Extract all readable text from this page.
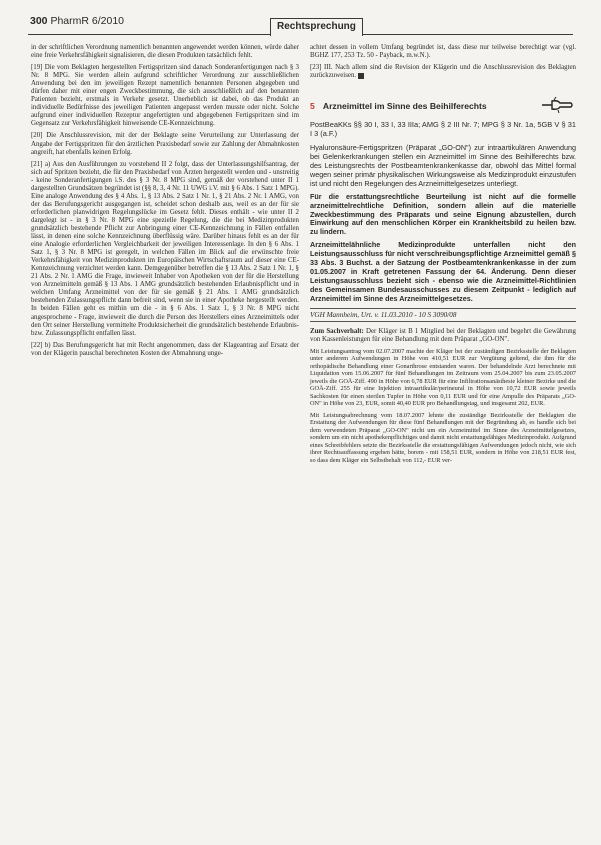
300 PharmR 6/2010	Rechtsprechung

in der schriftlichen Verordnung namentlich benannten angewendet werden können, würde daher eine freie Verkehrsfähigkeit signalisieren, die diesen Produkten tatsächlich fehlt.

[19] Die vom Beklagten hergestellten Fertigspritzen sind danach Sonderanfertigungen nach § 3 Nr. 8 MPG. Sie werden allein aufgrund schriftlicher Verordnung zur ausschließlichen Anwendung bei den im jeweiligen Rezept namentlich benannten Personen abgegeben und dürfen daher mit einer engen Zweckbestimmung, die sich ausschließlich auf den benannten Patienten bezieht, erstmals in Verkehr gesetzt. Unerheblich ist dabei, ob das Produkt an individuelle Bedürfnisse des jeweiligen Patienten angepasst werden musste oder nicht. Solche aufgrund einer individuellen Rezeptur angefertigten und abgegebenen Fertigspritzen sind im Gegensatz zur Verkehrsfähigkeit hinweisende CE-Kennzeichnung.

[20] Die Anschlussrevision, mit der der Beklagte seine Verurteilung zur Unterlassung der Angabe der Fertigspritzen für den ärztlichen Praxisbedarf sowie zur Zahlung der Abmahnkosten angreift, hat ebenfalls keinen Erfolg.

[21] a) Aus den Ausführungen zu vorstehend II 2 folgt, dass der Unterlassungshilfsantrag, der sich auf Spritzen bezieht, die für den Praxisbedarf von Ärzten hergestellt werden und - unstreitig - keine Sonderanfertigungen i.S. des § 3 Nr. 8 MPG sind, gemäß der vorstehend unter II 1 dargestellten Grundsätzen begründet ist (§§ 8, 3, 4 Nr. 11 UWG i.V. mit § 6 Abs. 1 Satz 1 MPG). Eine analoge Anwendung des § 4 Abs. 1, § 13 Abs. 2 Satz 1 Nr. 1, § 21 Abs. 2 Nr. 1 AMG, von der das Berufungsgericht ausgegangen ist, scheidet schon deshalb aus, weil es an der für sie erforderlichen planwidrigen Regelungslücke im Gesetz fehlt. Dieses enthält - wie unter II 2 dargelegt ist - in § 3 Nr. 8 MPG eine spezielle Regelung, die die bei Medizinprodukten grundsätzlich bestehende Pflicht zur Anbringung einer CE-Kennzeichnung in Fällen entfallen lässt, in denen eine solche Kennzeichnung überflüssig wäre. Darüber hinaus fehlt es an der für eine Analogie erforderlichen Vergleichbarkeit der jeweiligen Interessenlage. In den § 6 Abs. 1 Satz 1, § 3 Nr. 8 MPG ist geregelt, in welchen Fällen im Blick auf die erwünschte freie Verkehrsfähigkeit von Medizinprodukten im Europäischen Wirtschaftsraum auf dieser eine CE-Kennzeichnung verzichtet werden kann. Demgegenüber betreffen die § 13 Abs. 2 Satz 1 Nr. 1, § 21 Abs. 2 Nr. 1 AMG die Frage, inwieweit Inhaber von Apotheken von der für die Herstellung von Arzneimitteln gemäß § 13 Abs. 1 AMG grundsätzlich bestehenden Erlaubnispflicht und in welchen Umfang Arzneimittel von der für sie gemäß § 21 Abs. 1 AMG grundsätzlich bestehenden Zulassungspflicht dann befreit sind, wenn sie in einer Apotheke hergestellt werden. In beiden Fällen geht es mithin um die - in § 6 Abs. 1 Satz 1, § 3 Nr. 8 MPG nicht angesprochene - Frage, inwieweit die durch die Person des Herstellers eines Arzneimittels oder den Ort seiner Herstellung vermittelte Produktsicherheit die grundsätzlich bestehende Erlaubnis- bzw. Zulassungspflicht entfallen lässt.

[22] b) Das Berufungsgericht hat mit Recht angenommen, dass der Klageantrag auf Ersatz der von der Klägerin pauschal berechneten Kosten der Abmahnung unge-

achtet dessen in vollem Umfang begründet ist, dass diese nur teilweise berechtigt war (vgl. BGHZ 177, 253 Tz. 50 - Payback, m.w.N.).

[23] III. Nach allem sind die Revision der Klägerin und die Anschlussrevision des Beklagten zurückzuweisen.

5 Arzneimittel im Sinne des Beihilferechts
PostBeaKKs §§ 30 I, 33 I, 33 IIIa; AMG § 2 III Nr. 7; MPG § 3 Nr. 1a, 5GB V § 31 I 3 (a.F.)

Hyaluronsäure-Fertigspritzen (Präparat „GO-ON") zur intraartikulären Anwendung bei Gelenkerkrankungen stellen ein Arzneimittel im Sinne des Beihilferechts bzw. des Leistungsrechts der Postbeamtenkrankenkasse dar, obwohl das Mittel formal wegen seiner primär physikalischen Wirkungsweise als Medizinprodukt einzustufen ist und nicht den Regelungen des Arzneimittelgesetzes unterliegt.

Für die erstattungsrechtliche Beurteilung ist nicht auf die formelle arzneimittelrechtliche Definition, sondern allein auf die materielle Zweckbestimmung des Präparats und seine Eignung abzustellen, durch Einwirkung auf den menschlichen Körper ein Krankheitsbild zu heilen bzw. zu lindern.

Arzneimittelähnliche Medizinprodukte unterfallen nicht den Leistungsausschluss für nicht verschreibungspflichtige Arzneimittel gemäß § 33 Abs. 3 Buchst. a der Satzung der Postbeamtenkrankenkasse in der zum 01.05.2007 in Kraft getretenen Fassung der 64. Änderung. Denn dieser Leistungsausschluss bezieht sich - ebenso wie die Arzneimittel-Richtlinien des Gemeinsamen Bundesausschusses zu diesem Zeitpunkt - lediglich auf Arzneimittel im Sinne des Arzneimittelgesetzes.

VGH Mannheim, Urt. v. 11.03.2010 - 10 S 3090/08

Zum Sachverhalt: Der Kläger ist B 1 Mitglied bei der Beklagten und begehrt die Gewährung von Kassenleistungen für eine Behandlung mit dem Präparat „GO-ON".

Mit Leistungsantrag vom 02.07.2007 machte der Kläger bei der zuständigen Bezirksstelle der Beklagten unter anderem Aufwendungen in Höhe von 410,51 EUR zur Vergütung geltend, die ihm für die orthopädische Behandlung einer Gonarthrose entstanden waren. Der behandelnde Arzt berechnete mit Liquidation vom 15.06.2007 für fünf Behandlungen im Zeitraum vom 25.04.2007 bis zum 23.05.2007 jeweils die GOÄ-Ziff. 490 in Höhe von 6,78 EUR für eine Infiltrationsanästhesie kleiner Bezirke und die GOÄ-Ziff. 255 für eine Injektion intraartikulär/perineural in Höhe von 10,72 EUR sowie jeweils Sachkosten für einen sterilen Tupfer in Höhe von 0,11 EUR und für eine Ampulle des Präparats „GO-ON" in Höhe von 23, EUR, somit 40,40 EUR pro Behandlungstag, und insgesamt 202, EUR.

Mit Leistungsabrechnung vom 18.07.2007 lehnte die zuständige Bezirksstelle der Beklagten die Erstattung der Aufwendungen für diese fünf Behandlungen mit der Begründung ab, es handle sich bei dem verwendeten Präparat „GO-ON" nicht um ein Arzneimittel im Sinne des Arzneimittelgesetzes, sondern um ein nicht apothekenpflichtiges und damit nicht erstattungsfähiges Medizinprodukt. Aufgrund eines Schreibfehlers setzte die Bezirksstelle die erstattungsfähigen Aufwendungen jedoch nicht, wie sich ihrer Rechtsauffassung ergeben hätte, borem - mit 158,51 EUR, sondern in Höhe von 218,51 EUR fest, so dass dem Kläger ein Selbstbehalt von 112,- EUR ver-
